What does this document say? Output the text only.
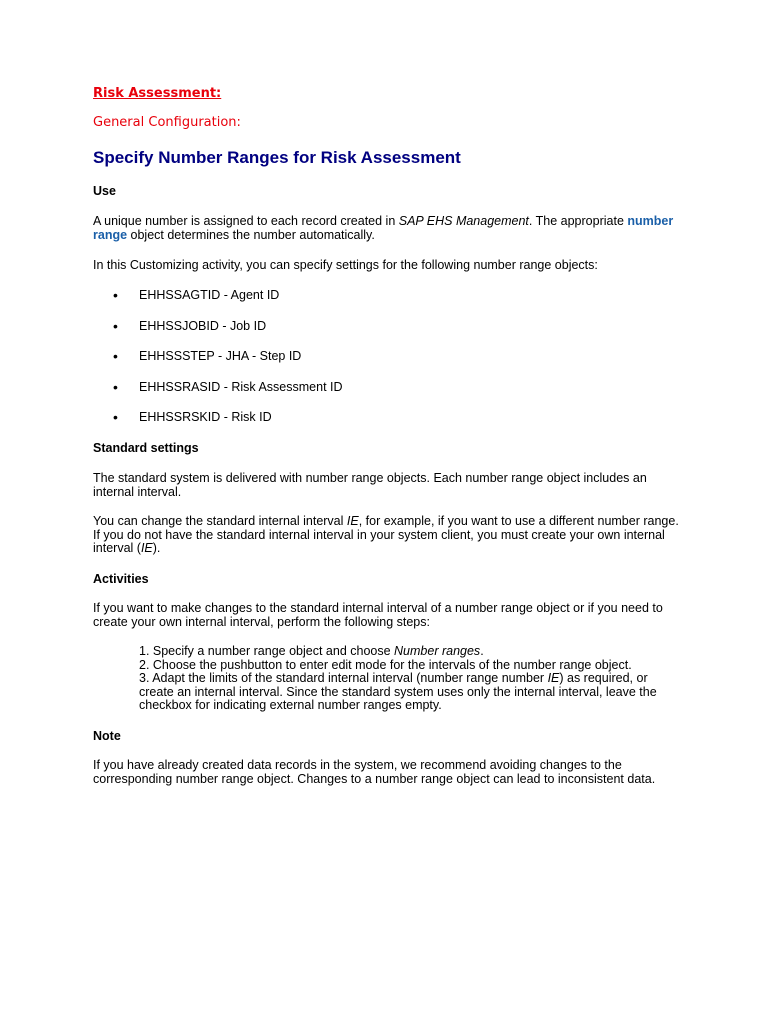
Risk Assessment:
General Configuration:
Specify Number Ranges for Risk Assessment
Use
A unique number is assigned to each record created in SAP EHS Management. The appropriate number range object determines the number automatically.
In this Customizing activity, you can specify settings for the following number range objects:
• EHHSSAGTID - Agent ID
• EHHSSJOBID - Job ID
• EHHSSSTEP - JHA - Step ID
• EHHSSRASID - Risk Assessment ID
• EHHSSRSKID - Risk ID
Standard settings
The standard system is delivered with number range objects. Each number range object includes an internal interval.
You can change the standard internal interval IE, for example, if you want to use a different number range. If you do not have the standard internal interval in your system client, you must create your own internal interval (IE).
Activities
If you want to make changes to the standard internal interval of a number range object or if you need to create your own internal interval, perform the following steps:
1. Specify a number range object and choose Number ranges.
2. Choose the pushbutton to enter edit mode for the intervals of the number range object.
3. Adapt the limits of the standard internal interval (number range number IE) as required, or create an internal interval. Since the standard system uses only the internal interval, leave the checkbox for indicating external number ranges empty.
Note
If you have already created data records in the system, we recommend avoiding changes to the corresponding number range object. Changes to a number range object can lead to inconsistent data.
